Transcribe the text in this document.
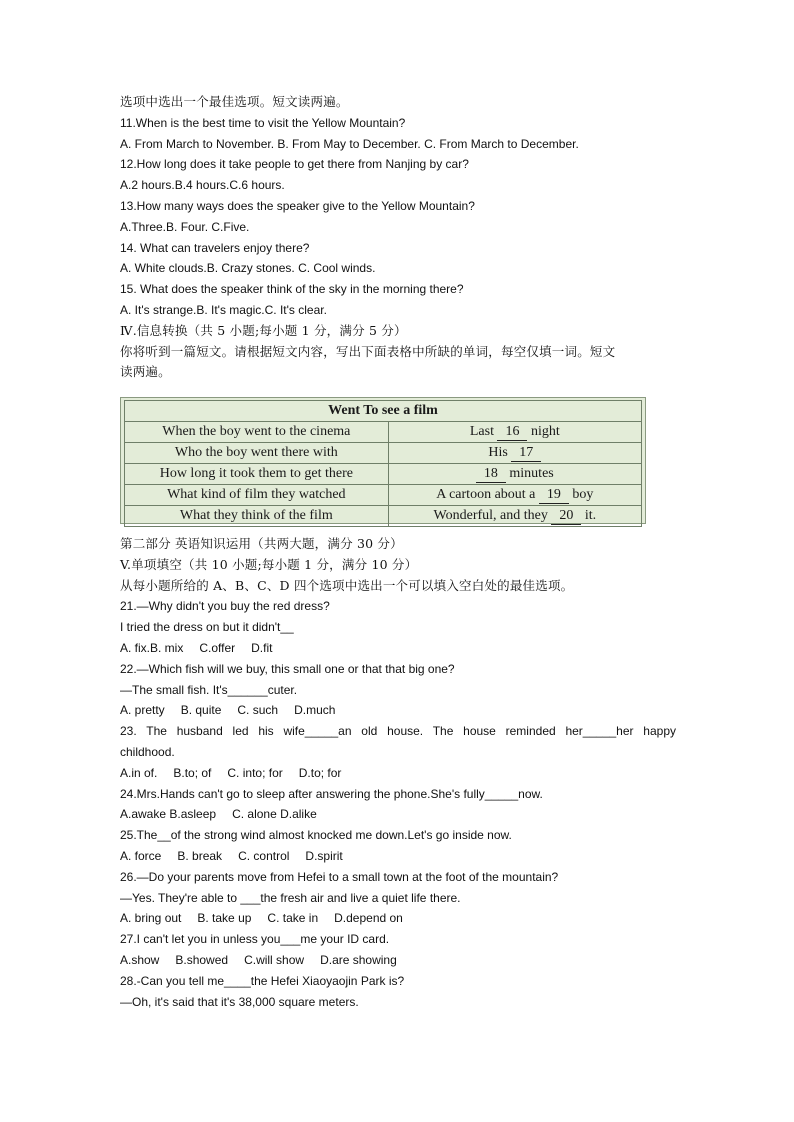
选项中选出一个最佳选项。短文读两遍。
11.When is the best time to visit the Yellow Mountain?
A. From March to November. B. From May to December. C. From March to December.
12.How long does it take people to get there from Nanjing by car?
A.2 hours.B.4 hours.C.6 hours.
13.How many ways does the speaker give to the Yellow Mountain?
A.Three.B. Four. C.Five.
14. What can travelers enjoy there?
A. White clouds.B. Crazy stones. C. Cool winds.
15. What does the speaker think of the sky in the morning there?
A. It's strange.B. It's magic.C. It's clear.
Ⅳ.信息转换（共 5 小题;每小题 1 分，满分 5 分）
你将听到一篇短文。请根据短文内容，写出下面表格中所缺的单词，每空仅填一词。短文
读两遍。
Went To see a film	
When the boy went to the cinema	Last 16 night
Who the boy went there with	His 17
How long it took them to get there	18 minutes
What kind of film they watched	A cartoon about a 19 boy
What they think of the film	Wonderful, and they 20 it.
第二部分 英语知识运用（共两大题，满分 30 分）
V.单项填空（共 10 小题;每小题 1 分，满分 10 分）
从每小题所给的 A、B、C、D 四个选项中选出一个可以填入空白处的最佳选项。
21.—Why didn't you buy the red dress?
I tried the dress on but it didn't__
A. fix.B. mix C.offer D.fit
22.—Which fish will we buy, this small one or that that big one?
—The small fish. It's______cuter.
A. pretty B. quite C. such D.much
23. The husband led his wife_____an old house. The house reminded her_____her happy
childhood.
A.in of. B.to; of C. into; for D.to; for
24.Mrs.Hands can't go to sleep after answering the phone.She's fully_____now.
A.awake B.asleep C. alone D.alike
25.The__of the strong wind almost knocked me down.Let's go inside now.
A. force B. break C. control D.spirit
26.—Do your parents move from Hefei to a small town at the foot of the mountain?
—Yes. They're able to ___the fresh air and live a quiet life there.
A. bring out B. take up C. take in D.depend on
27.I can't let you in unless you___me your ID card.
A.show B.showed C.will show D.are showing
28.-Can you tell me____the Hefei Xiaoyaojin Park is?
—Oh, it's said that it's 38,000 square meters.
